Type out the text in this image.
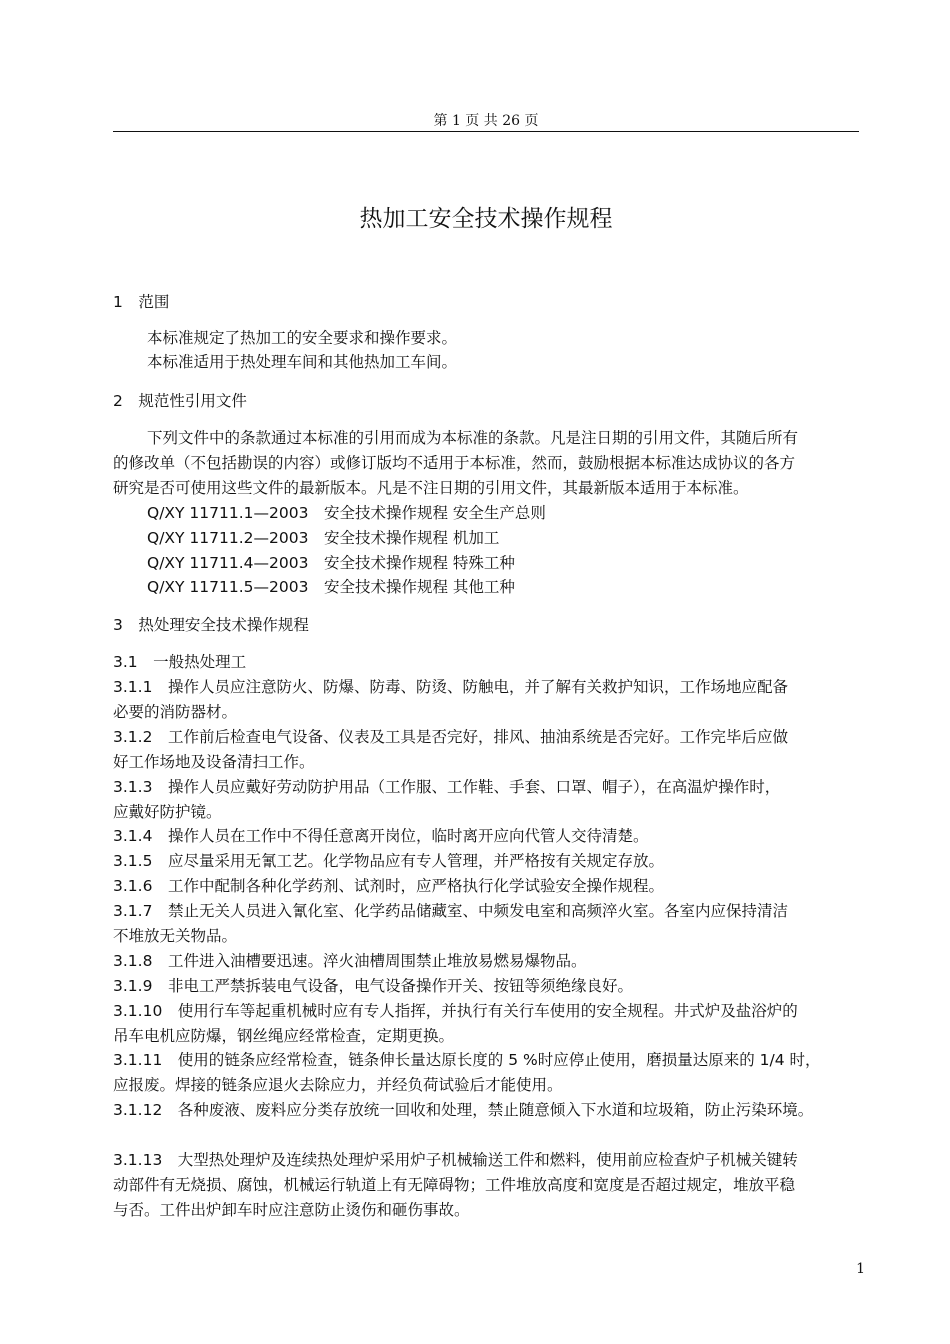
第 1 页 共 26 页
热加工安全技术操作规程
1　范围
本标准规定了热加工的安全要求和操作要求。
本标准适用于热处理车间和其他热加工车间。
2　规范性引用文件
下列文件中的条款通过本标准的引用而成为本标准的条款。凡是注日期的引用文件，其随后所有
的修改单（不包括勘误的内容）或修订版均不适用于本标准，然而，鼓励根据本标准达成协议的各方
研究是否可使用这些文件的最新版本。凡是不注日期的引用文件，其最新版本适用于本标准。
Q/XY 11711.1—2003　安全技术操作规程 安全生产总则
Q/XY 11711.2—2003　安全技术操作规程 机加工
Q/XY 11711.4—2003　安全技术操作规程 特殊工种
Q/XY 11711.5—2003　安全技术操作规程 其他工种
3　热处理安全技术操作规程
3.1　一般热处理工
3.1.1　操作人员应注意防火、防爆、防毒、防烫、防触电，并了解有关救护知识，工作场地应配备
必要的消防器材。
3.1.2　工作前后检查电气设备、仪表及工具是否完好，排风、抽油系统是否完好。工作完毕后应做
好工作场地及设备清扫工作。
3.1.3　操作人员应戴好劳动防护用品（工作服、工作鞋、手套、口罩、帽子），在高温炉操作时，
应戴好防护镜。
3.1.4　操作人员在工作中不得任意离开岗位，临时离开应向代管人交待清楚。
3.1.5　应尽量采用无氰工艺。化学物品应有专人管理，并严格按有关规定存放。
3.1.6　工作中配制各种化学药剂、试剂时，应严格执行化学试验安全操作规程。
3.1.7　禁止无关人员进入氰化室、化学药品储藏室、中频发电室和高频淬火室。各室内应保持清洁
不堆放无关物品。
3.1.8　工件进入油槽要迅速。淬火油槽周围禁止堆放易燃易爆物品。
3.1.9　非电工严禁拆装电气设备，电气设备操作开关、按钮等须绝缘良好。
3.1.10　使用行车等起重机械时应有专人指挥，并执行有关行车使用的安全规程。井式炉及盐浴炉的
吊车电机应防爆，钢丝绳应经常检查，定期更换。
3.1.11　使用的链条应经常检查，链条伸长量达原长度的 5 %时应停止使用，磨损量达原来的 1/4 时，
应报废。焊接的链条应退火去除应力，并经负荷试验后才能使用。
3.1.12　各种废液、废料应分类存放统一回收和处理，禁止随意倾入下水道和垃圾箱，防止污染环境。
3.1.13　大型热处理炉及连续热处理炉采用炉子机械输送工件和燃料，使用前应检查炉子机械关键转
动部件有无烧损、腐蚀，机械运行轨道上有无障碍物；工件堆放高度和宽度是否超过规定，堆放平稳
与否。工件出炉卸车时应注意防止烫伤和砸伤事故。
1
